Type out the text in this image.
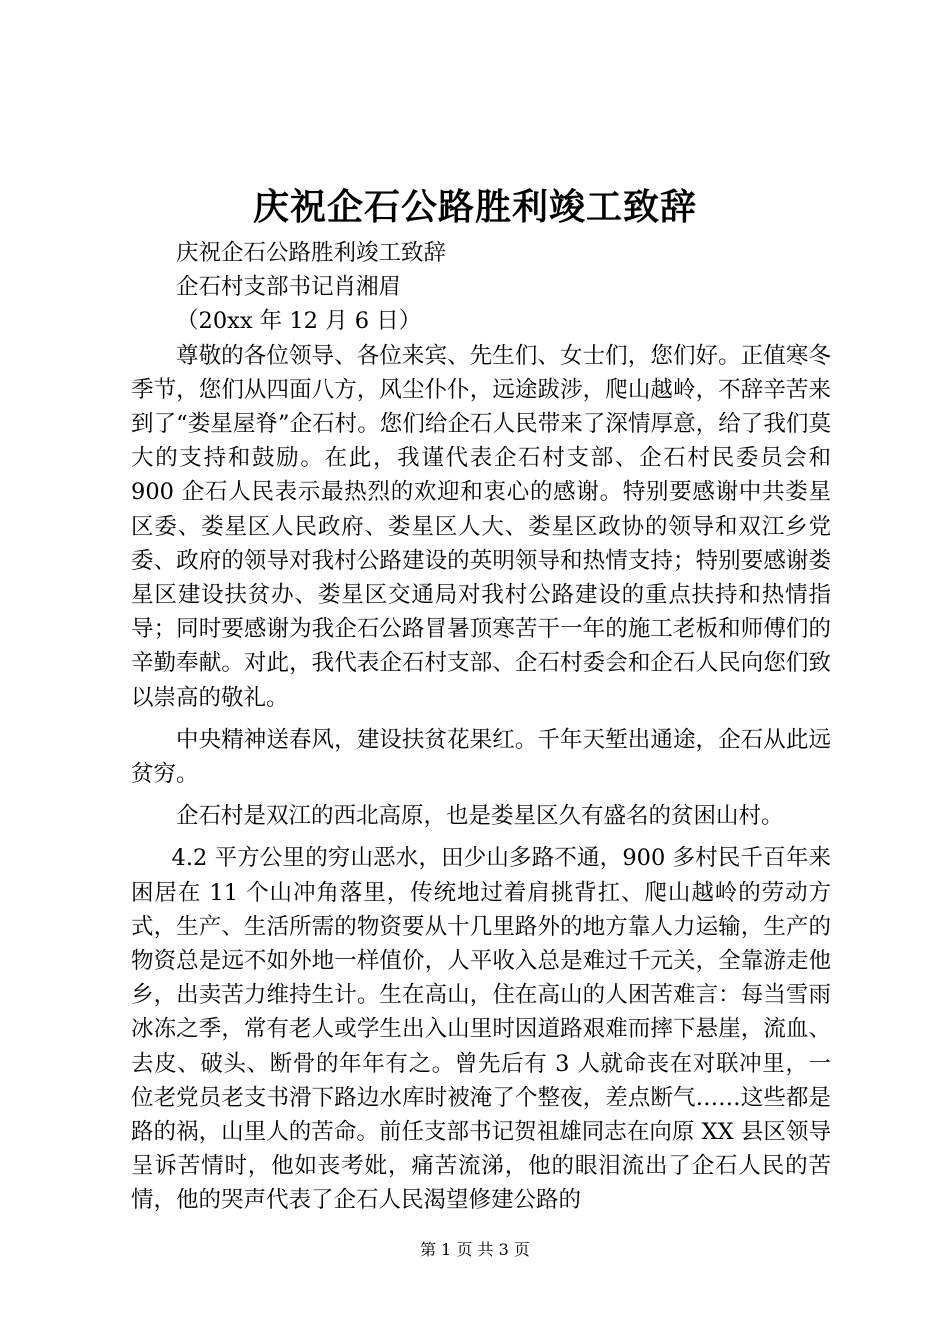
庆祝企石公路胜利竣工致辞

庆祝企石公路胜利竣工致辞

企石村支部书记肖湘眉

（20xx 年 12 月 6 日）

尊敬的各位领导、各位来宾、先生们、女士们，您们好。正值寒冬季节，您们从四面八方，风尘仆仆，远途跋涉，爬山越岭，不辞辛苦来到了“娄星屋脊”企石村。您们给企石人民带来了深情厚意，给了我们莫大的支持和鼓励。在此，我谨代表企石村支部、企石村民委员会和 900 企石人民表示最热烈的欢迎和衷心的感谢。特别要感谢中共娄星区委、娄星区人民政府、娄星区人大、娄星区政协的领导和双江乡党委、政府的领导对我村公路建设的英明领导和热情支持；特别要感谢娄星区建设扶贫办、娄星区交通局对我村公路建设的重点扶持和热情指导；同时要感谢为我企石公路冒暑顶寒苦干一年的施工老板和师傅们的辛勤奉献。对此，我代表企石村支部、企石村委会和企石人民向您们致以崇高的敬礼。

中央精神送春风，建设扶贫花果红。千年天堑出通途，企石从此远贫穷。

企石村是双江的西北高原，也是娄星区久有盛名的贫困山村。

4.2 平方公里的穷山恶水，田少山多路不通，900 多村民千百年来困居在 11 个山冲角落里，传统地过着肩挑背扛、爬山越岭的劳动方式，生产、生活所需的物资要从十几里路外的地方靠人力运输，生产的物资总是远不如外地一样值价，人平收入总是难过千元关，全靠游走他乡，出卖苦力维持生计。生在高山，住在高山的人困苦难言：每当雪雨冰冻之季，常有老人或学生出入山里时因道路艰难而摔下悬崖，流血、去皮、破头、断骨的年年有之。曾先后有 3 人就命丧在对联冲里，一位老党员老支书滑下路边水库时被淹了个整夜，差点断气……这些都是路的祸，山里人的苦命。前任支部书记贺祖雄同志在向原 XX 县区领导呈诉苦情时，他如丧考妣，痛苦流涕，他的眼泪流出了企石人民的苦情，他的哭声代表了企石人民渴望修建公路的

第 1 页 共 3 页
